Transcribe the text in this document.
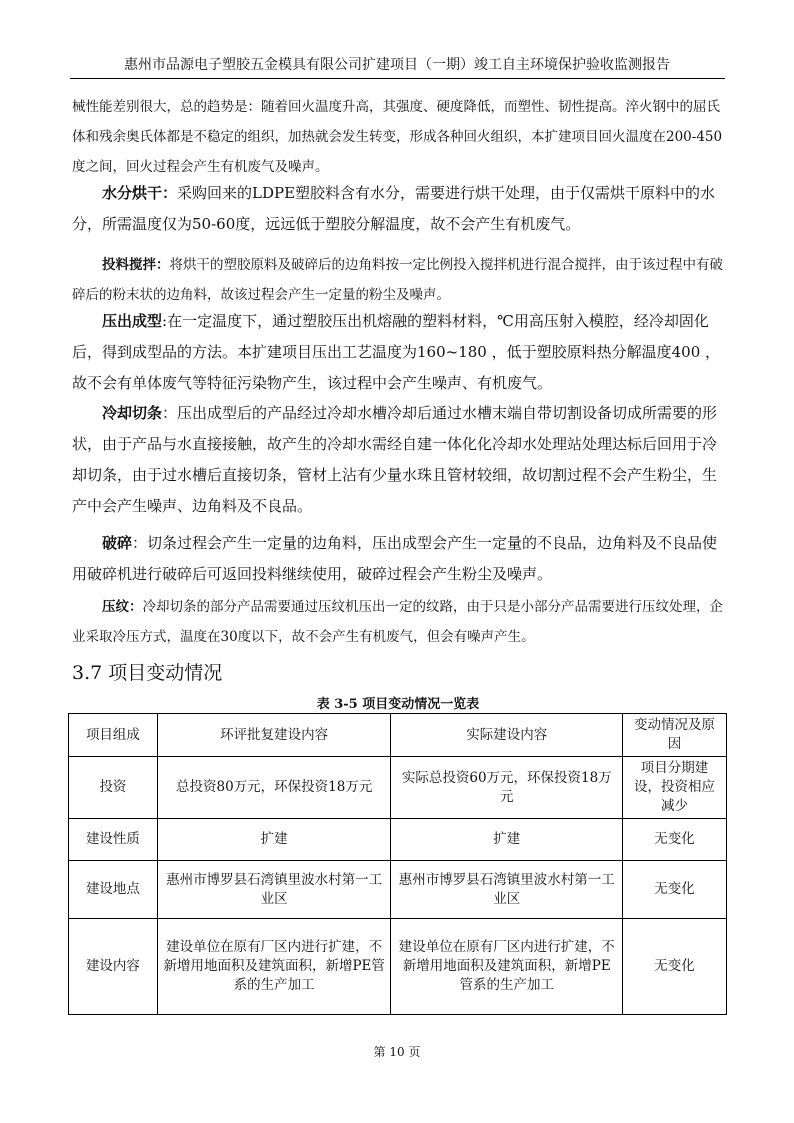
惠州市品源电子塑胶五金模具有限公司扩建项目（一期）竣工自主环境保护验收监测报告

械性能差别很大，总的趋势是：随着回火温度升高，其强度、硬度降低，而塑性、韧性提高。淬火钢中的屈氏体和残余奥氏体都是不稳定的组织，加热就会发生转变，形成各种回火组织，本扩建项目回火温度在200-450度之间，回火过程会产生有机废气及噪声。

水分烘干：采购回来的LDPE塑胶料含有水分，需要进行烘干处理，由于仅需烘干原料中的水分，所需温度仅为50-60度，远远低于塑胶分解温度，故不会产生有机废气。

投料搅拌：将烘干的塑胶原料及破碎后的边角料按一定比例投入搅拌机进行混合搅拌，由于该过程中有破碎后的粉末状的边角料，故该过程会产生一定量的粉尘及噪声。

压出成型:在一定温度下，通过塑胶压出机熔融的塑料材料，℃用高压射入模腔，经冷却固化后，得到成型品的方法。本扩建项目压出工艺温度为160~180 ，低于塑胶原料热分解温度400 ，故不会有单体废气等特征污染物产生，该过程中会产生噪声、有机废气。

冷却切条：压出成型后的产品经过冷却水槽冷却后通过水槽末端自带切割设备切成所需要的形状，由于产品与水直接接触，故产生的冷却水需经自建一体化化冷却水处理站处理达标后回用于冷却切条，由于过水槽后直接切条，管材上沾有少量水珠且管材较细，故切割过程不会产生粉尘，生产中会产生噪声、边角料及不良品。

破碎：切条过程会产生一定量的边角料，压出成型会产生一定量的不良品，边角料及不良品使用破碎机进行破碎后可返回投料继续使用，破碎过程会产生粉尘及噪声。

压纹：冷却切条的部分产品需要通过压纹机压出一定的纹路，由于只是小部分产品需要进行压纹处理，企业采取冷压方式，温度在30度以下，故不会产生有机废气，但会有噪声产生。

3.7 项目变动情况
表 3-5 项目变动情况一览表
项目组成	环评批复建设内容	实际建设内容	变动情况及原因
投资	总投资80万元，环保投资18万元	实际总投资60万元，环保投资18万元	项目分期建设，投资相应减少
建设性质	扩建	扩建	无变化
建设地点	惠州市博罗县石湾镇里波水村第一工业区	惠州市博罗县石湾镇里波水村第一工业区	无变化
建设内容	建设单位在原有厂区内进行扩建，不新增用地面积及建筑面积，新增PE管系的生产加工	建设单位在原有厂区内进行扩建，不新增用地面积及建筑面积，新增PE管系的生产加工	无变化
第 10 页
